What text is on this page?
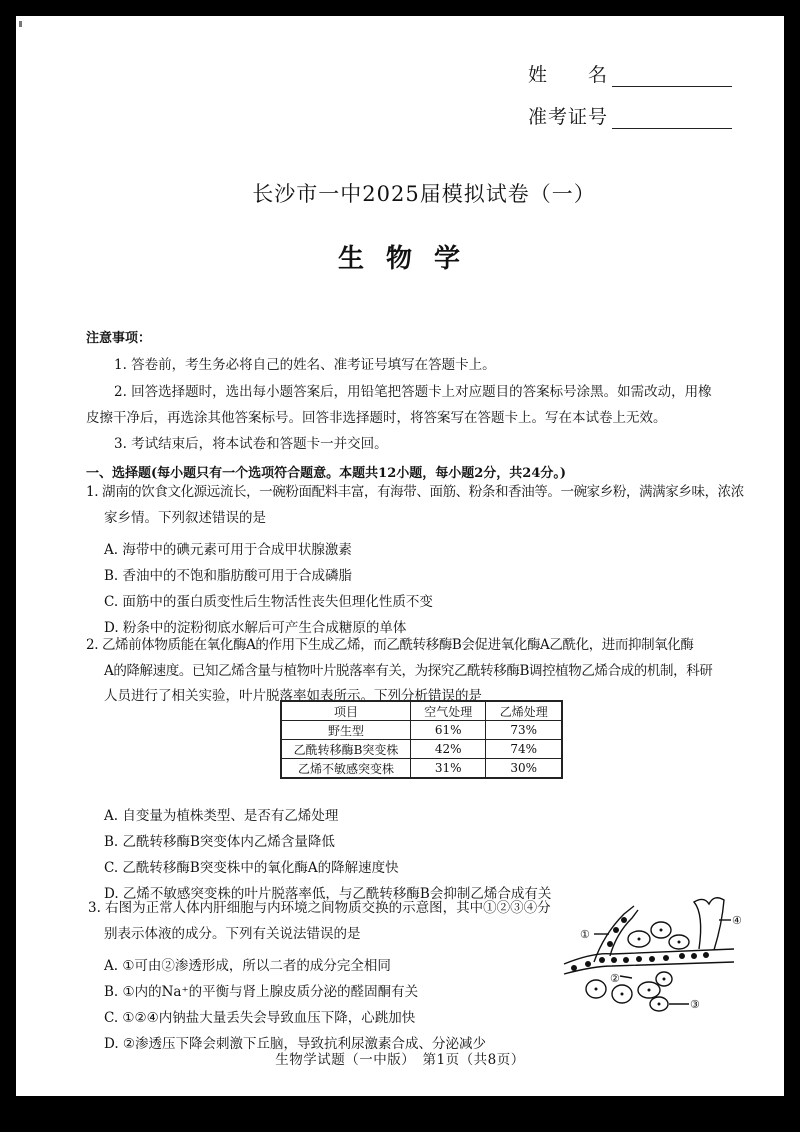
姓　　名
准考证号
长沙市一中2025届模拟试卷（一）
生物学
注意事项：
1. 答卷前，考生务必将自己的姓名、准考证号填写在答题卡上。
2. 回答选择题时，选出每小题答案后，用铅笔把答题卡上对应题目的答案标号涂黑。如需改动，用橡
皮擦干净后，再选涂其他答案标号。回答非选择题时，将答案写在答题卡上。写在本试卷上无效。
3. 考试结束后，将本试卷和答题卡一并交回。
一、选择题(每小题只有一个选项符合题意。本题共12小题，每小题2分，共24分。)
1. 湖南的饮食文化源远流长，一碗粉面配料丰富，有海带、面筋、粉条和香油等。一碗家乡粉，满满家乡味，浓浓
家乡情。下列叙述错误的是
A. 海带中的碘元素可用于合成甲状腺激素
B. 香油中的不饱和脂肪酸可用于合成磷脂
C. 面筋中的蛋白质变性后生物活性丧失但理化性质不变
D. 粉条中的淀粉彻底水解后可产生合成糖原的单体
2. 乙烯前体物质能在氧化酶A的作用下生成乙烯，而乙酰转移酶B会促进氧化酶A乙酰化，进而抑制氧化酶
A的降解速度。已知乙烯含量与植物叶片脱落率有关，为探究乙酰转移酶B调控植物乙烯合成的机制，科研
人员进行了相关实验，叶片脱落率如表所示。下列分析错误的是
项目	空气处理	乙烯处理
野生型	61%	73%
乙酰转移酶B突变株	42%	74%
乙烯不敏感突变株	31%	30%
A. 自变量为植株类型、是否有乙烯处理
B. 乙酰转移酶B突变体内乙烯含量降低
C. 乙酰转移酶B突变株中的氧化酶A的降解速度快
D. 乙烯不敏感突变株的叶片脱落率低，与乙酰转移酶B会抑制乙烯合成有关
3. 右图为正常人体内肝细胞与内环境之间物质交换的示意图，其中①②③④分
别表示体液的成分。下列有关说法错误的是
A. ①可由②渗透形成，所以二者的成分完全相同
B. ①内的Na⁺的平衡与肾上腺皮质分泌的醛固酮有关
C. ①②④内钠盐大量丢失会导致血压下降，心跳加快
D. ②渗透压下降会刺激下丘脑，导致抗利尿激素合成、分泌减少
①
②
③
④
生物学试题（一中版）　第1页（共8页）
